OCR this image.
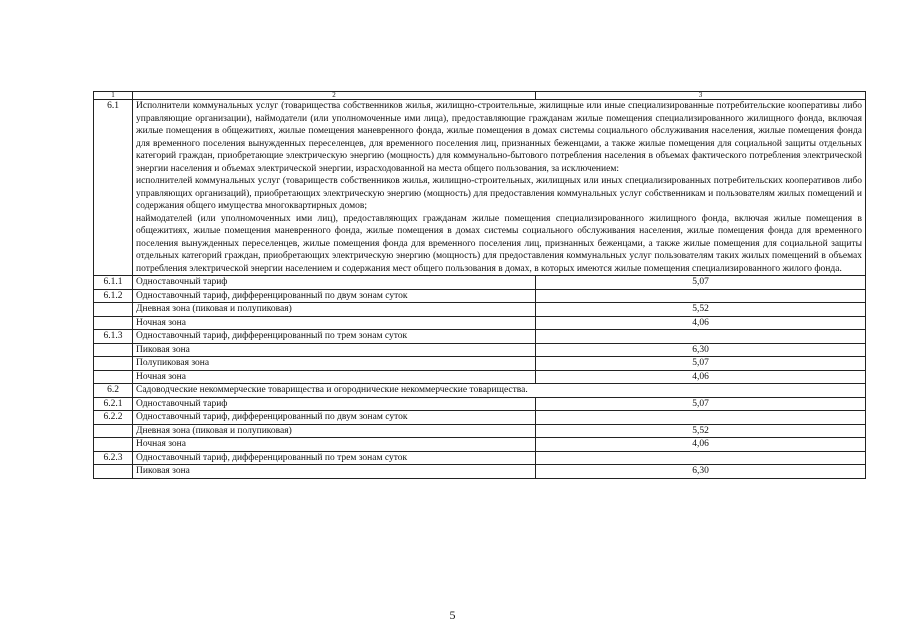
1	2	3
6.1	Исполнители коммунальных услуг (товарищества собственников жилья, жилищно-строительные, жилищные или иные специализированные потребительские кооперативы либо управляющие организации), наймодатели (или уполномоченные ими лица), предоставляющие гражданам жилые помещения специализированного жилищного фонда, включая жилые помещения в общежитиях, жилые помещения маневренного фонда, жилые помещения в домах системы социального обслуживания населения, жилые помещения фонда для временного поселения вынужденных переселенцев, для временного поселения лиц, признанных беженцами, а также жилые помещения для социальной защиты отдельных категорий граждан, приобретающие электрическую энергию (мощность) для коммунально-бытового потребления населения в объемах фактического потребления электрической энергии населения и объемах электрической энергии, израсходованной на места общего пользования, за исключением:

исполнителей коммунальных услуг (товариществ собственников жилья, жилищно-строительных, жилищных или иных специализированных потребительских кооперативов либо управляющих организаций), приобретающих электрическую энергию (мощность) для предоставления коммунальных услуг собственникам и пользователям жилых помещений и содержания общего имущества многоквартирных домов;

наймодателей (или уполномоченных ими лиц), предоставляющих гражданам жилые помещения специализированного жилищного фонда, включая жилые помещения в общежитиях, жилые помещения маневренного фонда, жилые помещения в домах системы социального обслуживания населения, жилые помещения фонда для временного поселения вынужденных переселенцев, жилые помещения фонда для временного поселения лиц, признанных беженцами, а также жилые помещения для социальной защиты отдельных категорий граждан, приобретающих электрическую энергию (мощность) для предоставления коммунальных услуг пользователям таких жилых помещений в объемах потребления электрической энергии населением и содержания мест общего пользования в домах, в которых имеются жилые помещения специализированного жилого фонда.	

6.1.1	Одноставочный тариф	5,07
6.1.2	Одноставочный тариф, дифференцированный по двум зонам суток	
	Дневная зона (пиковая и полупиковая)	5,52
	Ночная зона	4,06
6.1.3	Одноставочный тариф, дифференцированный по трем зонам суток	
	Пиковая зона	6,30
	Полупиковая зона	5,07
	Ночная зона	4,06
6.2	Садоводческие некоммерческие товарищества и огороднические некоммерческие товарищества.	
6.2.1	Одноставочный тариф	5,07
6.2.2	Одноставочный тариф, дифференцированный по двум зонам суток	
	Дневная зона (пиковая и полупиковая)	5,52
	Ночная зона	4,06
6.2.3	Одноставочный тариф, дифференцированный по трем зонам суток	
	Пиковая зона	6,30
5
